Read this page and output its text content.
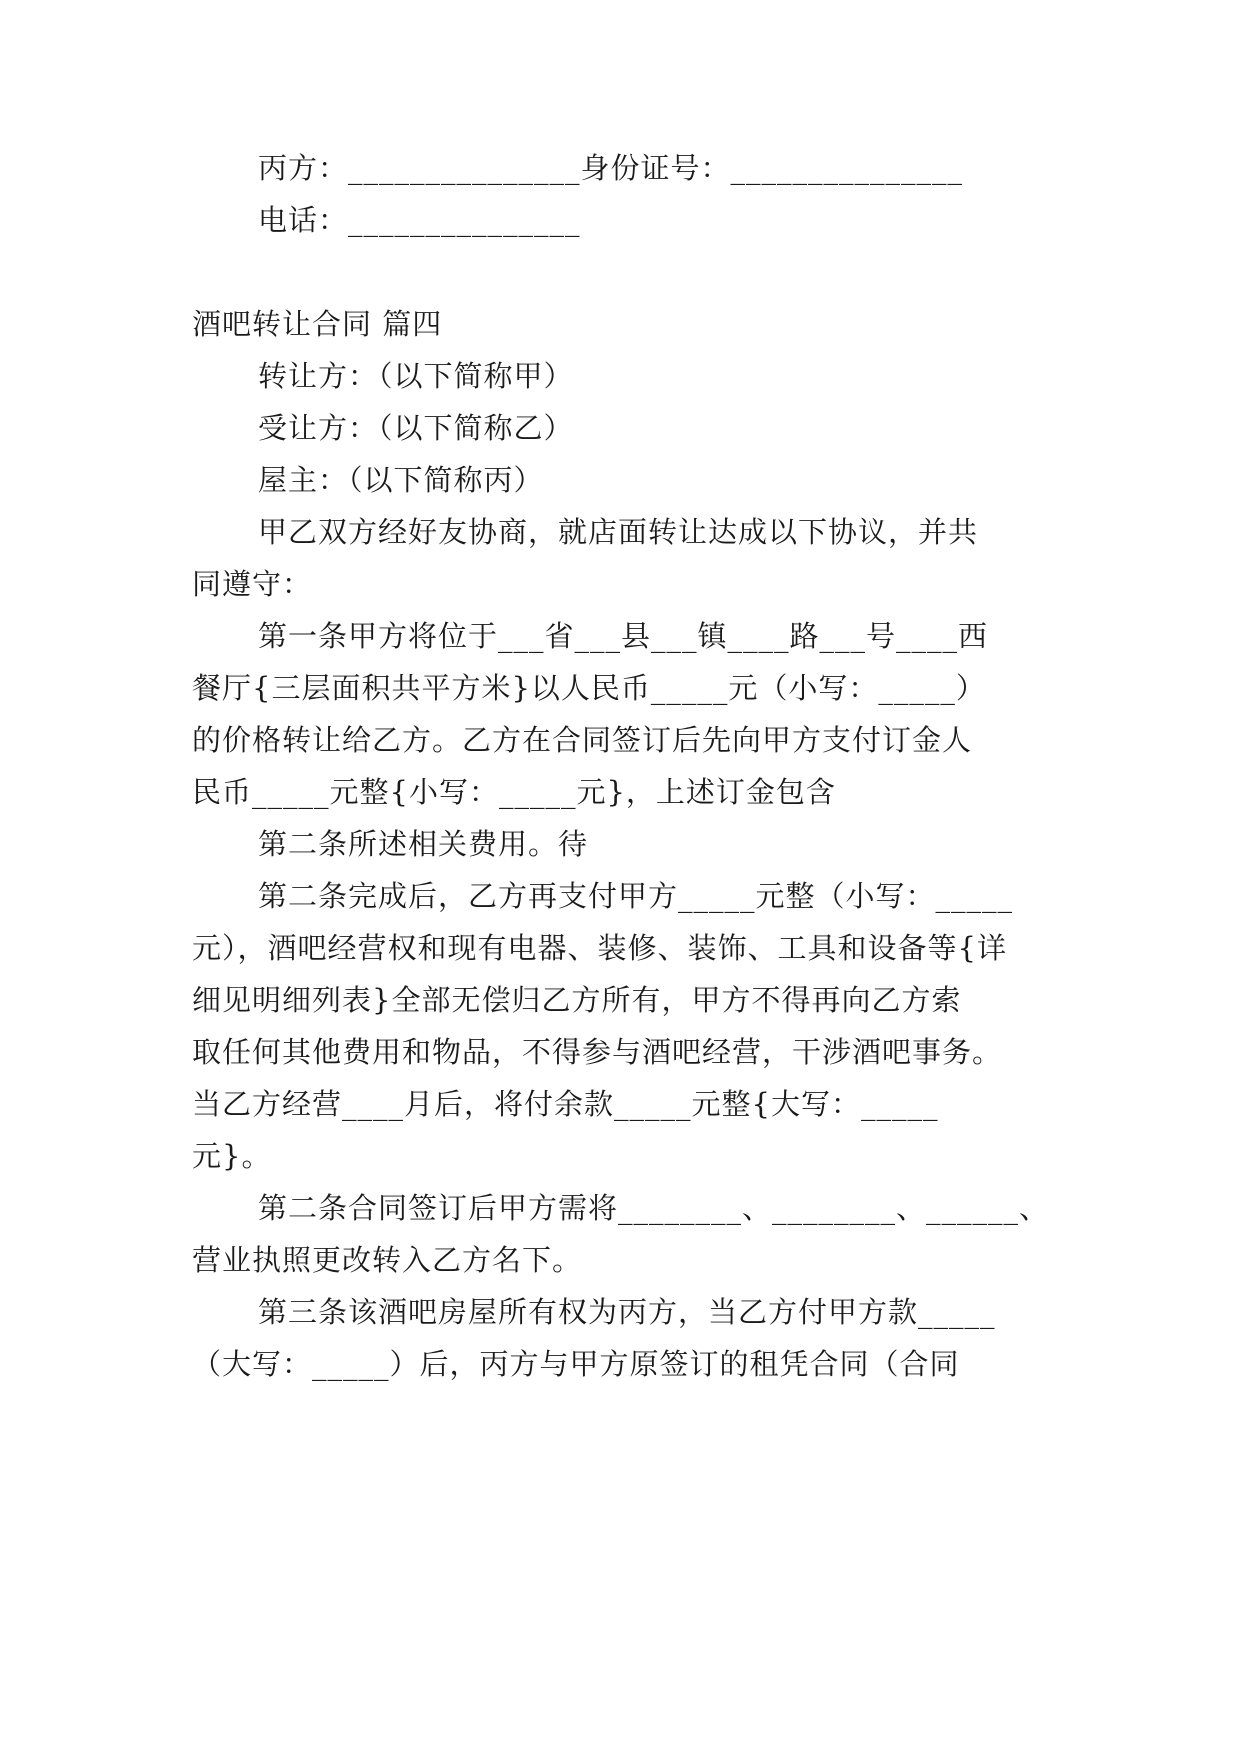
丙方：_______________身份证号：_______________

电话：_______________

酒吧转让合同 篇四

转让方：（以下简称甲）

受让方：（以下简称乙）

屋主：（以下简称丙）

甲乙双方经好友协商，就店面转让达成以下协议，并共

同遵守：

第一条甲方将位于___省___县___镇____路___号____西

餐厅{三层面积共平方米}以人民币_____元（小写：_____）

的价格转让给乙方。乙方在合同签订后先向甲方支付订金人

民币_____元整{小写：_____元}，上述订金包含

第二条所述相关费用。待

第二条完成后，乙方再支付甲方_____元整（小写：_____

元），酒吧经营权和现有电器、装修、装饰、工具和设备等{详

细见明细列表}全部无偿归乙方所有，甲方不得再向乙方索

取任何其他费用和物品，不得参与酒吧经营，干涉酒吧事务。

当乙方经营____月后，将付余款_____元整{大写：_____

元}。

第二条合同签订后甲方需将________、________、______、

营业执照更改转入乙方名下。

第三条该酒吧房屋所有权为丙方，当乙方付甲方款_____

（大写：_____）后，丙方与甲方原签订的租凭合同（合同
